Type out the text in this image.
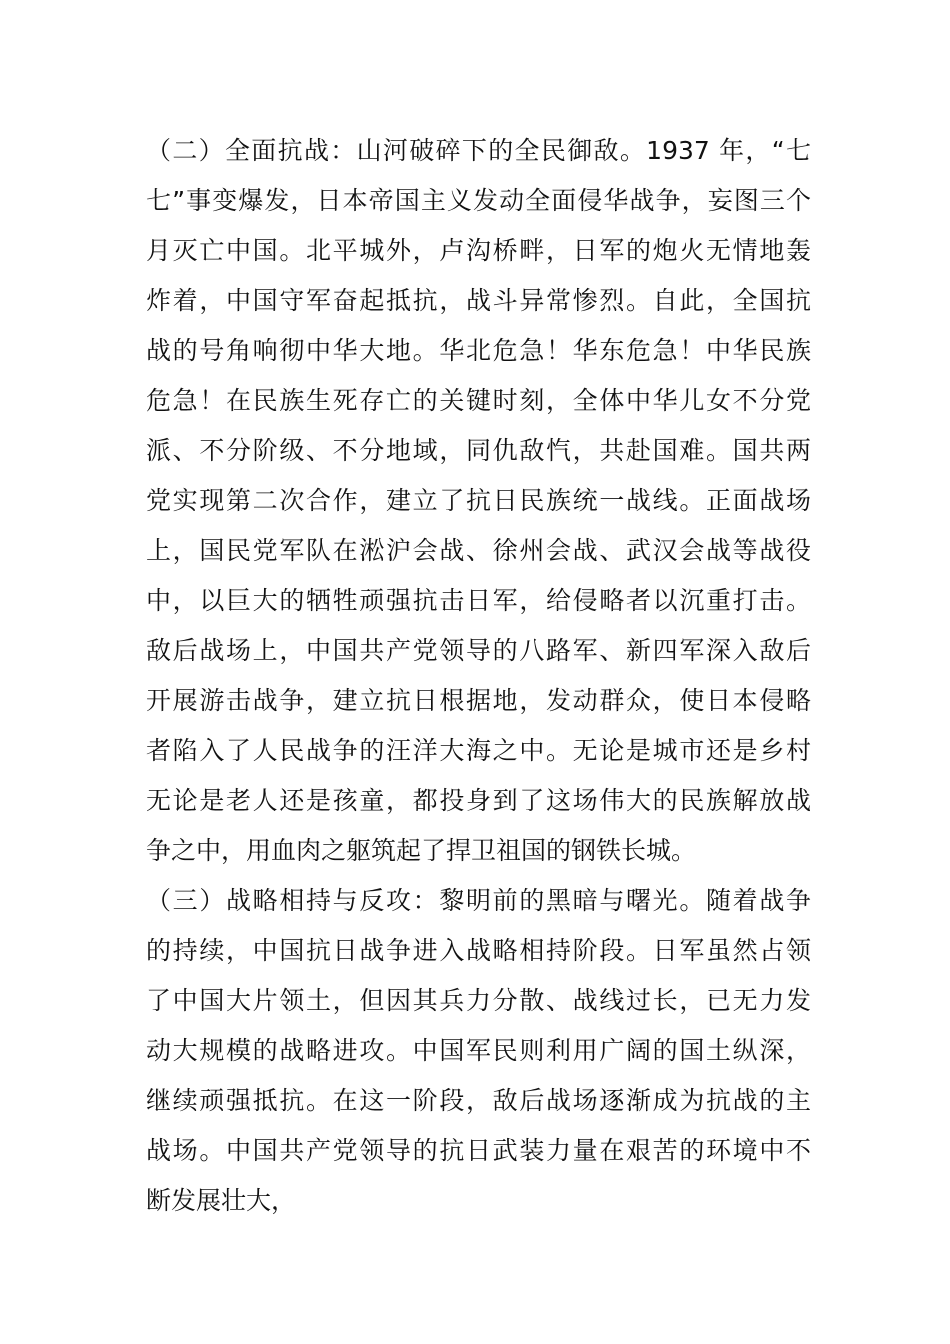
（二）全面抗战：山河破碎下的全民御敌。1937 年，“七
七”事变爆发，日本帝国主义发动全面侵华战争，妄图三个
月灭亡中国。北平城外，卢沟桥畔，日军的炮火无情地轰
炸着，中国守军奋起抵抗，战斗异常惨烈。自此，全国抗
战的号角响彻中华大地。华北危急！华东危急！中华民族
危急！在民族生死存亡的关键时刻，全体中华儿女不分党
派、不分阶级、不分地域，同仇敌忾，共赴国难。国共两
党实现第二次合作，建立了抗日民族统一战线。正面战场
上，国民党军队在淞沪会战、徐州会战、武汉会战等战役
中，以巨大的牺牲顽强抗击日军，给侵略者以沉重打击。
敌后战场上，中国共产党领导的八路军、新四军深入敌后
开展游击战争，建立抗日根据地，发动群众，使日本侵略
者陷入了人民战争的汪洋大海之中。无论是城市还是乡村
无论是老人还是孩童，都投身到了这场伟大的民族解放战
争之中，用血肉之躯筑起了捍卫祖国的钢铁长城。
（三）战略相持与反攻：黎明前的黑暗与曙光。随着战争
的持续，中国抗日战争进入战略相持阶段。日军虽然占领
了中国大片领土，但因其兵力分散、战线过长，已无力发
动大规模的战略进攻。中国军民则利用广阔的国土纵深，
继续顽强抵抗。在这一阶段，敌后战场逐渐成为抗战的主
战场。中国共产党领导的抗日武装力量在艰苦的环境中不
断发展壮大，
